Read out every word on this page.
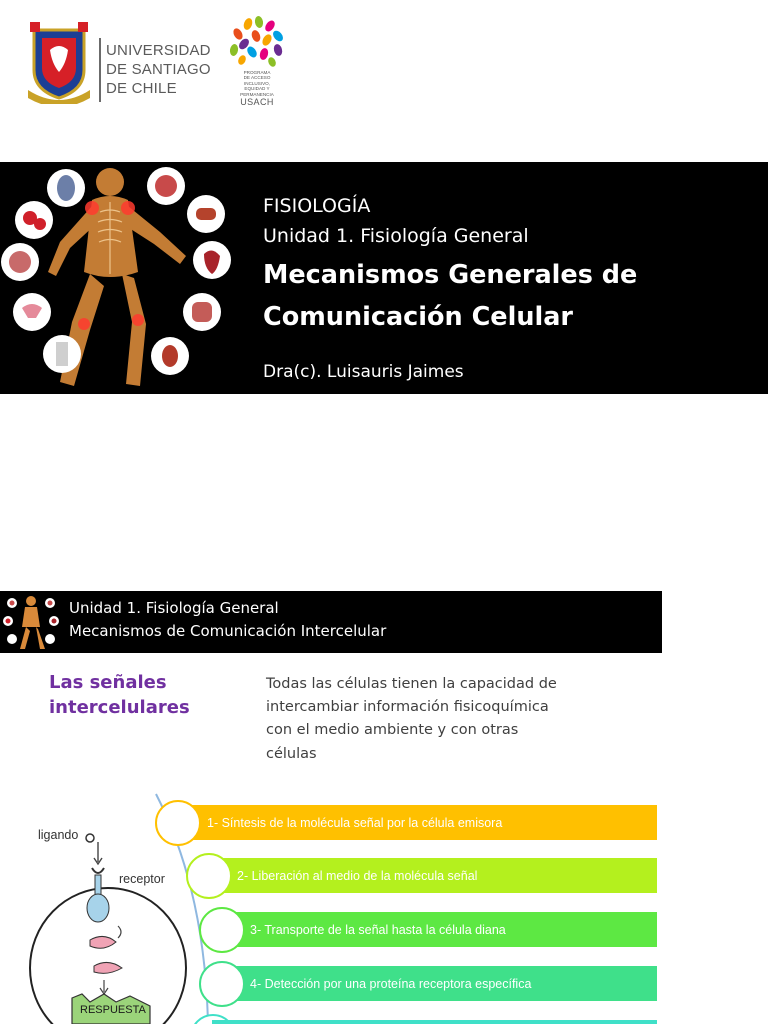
UNIVERSIDAD
DE SANTIAGO
DE CHILE
PROGRAMA
DE ACCESO
INCLUSIVO,
EQUIDAD Y
PERMANENCIA
USACH
FISIOLOGÍA
Unidad 1. Fisiología General
Mecanismos Generales de
Comunicación Celular
Dra(c). Luisauris Jaimes
Unidad 1. Fisiología General
Mecanismos de Comunicación Intercelular
Las señales
intercelulares
Todas las células tienen la capacidad de
intercambiar información fisicoquímica
con el medio ambiente y con otras
células
ligando
receptor
RESPUESTA
1- Síntesis de la molécula señal por la célula emisora
2- Liberación al medio de la molécula señal
3- Transporte de la señal hasta la célula diana
4- Detección por una proteína receptora específica
